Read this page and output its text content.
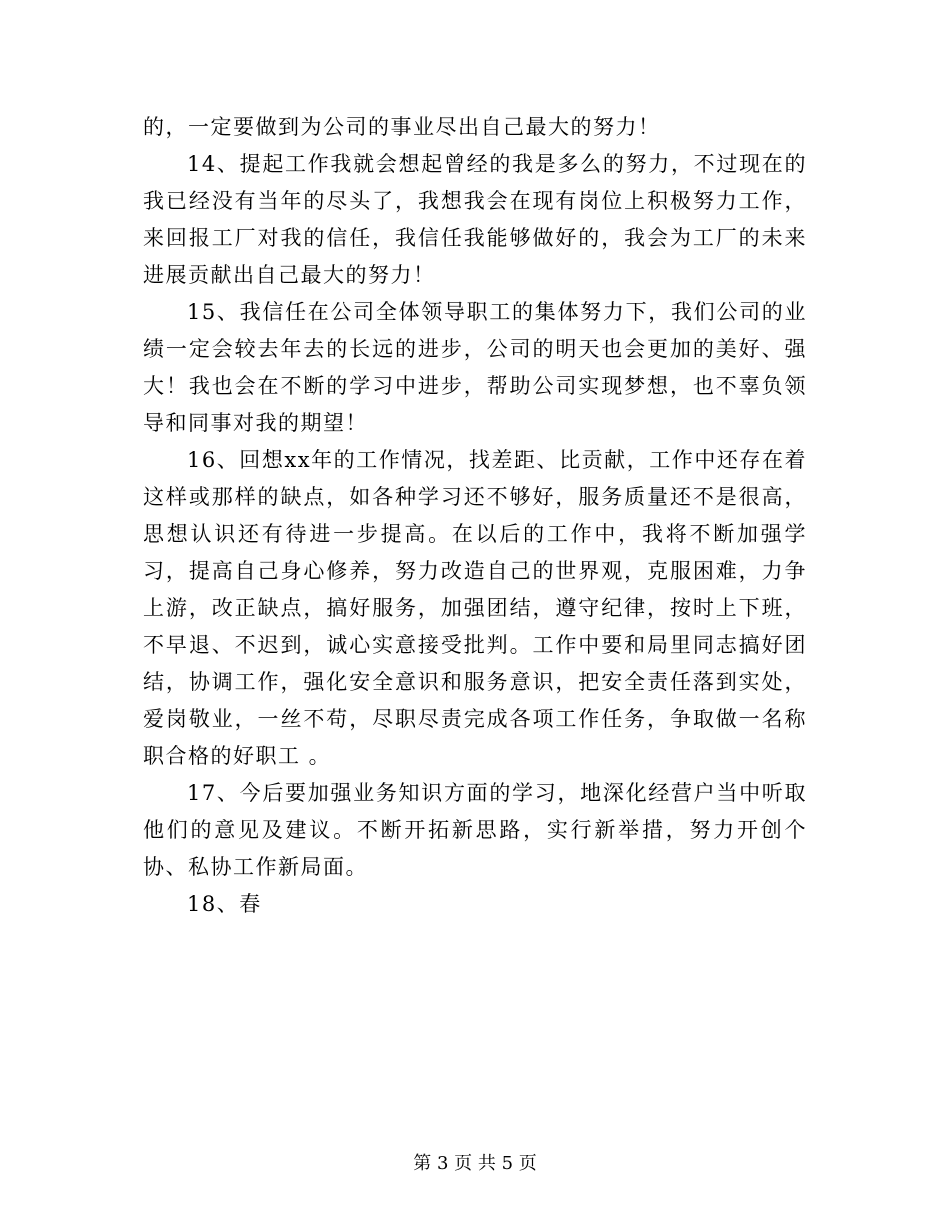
的，一定要做到为公司的事业尽出自己最大的努力！

14、提起工作我就会想起曾经的我是多么的努力，不过现在的我已经没有当年的尽头了，我想我会在现有岗位上积极努力工作，来回报工厂对我的信任，我信任我能够做好的，我会为工厂的未来进展贡献出自己最大的努力！

15、我信任在公司全体领导职工的集体努力下，我们公司的业绩一定会较去年去的长远的进步，公司的明天也会更加的美好、强大！我也会在不断的学习中进步，帮助公司实现梦想，也不辜负领导和同事对我的期望！

16、回想xx年的工作情况，找差距、比贡献，工作中还存在着这样或那样的缺点，如各种学习还不够好，服务质量还不是很高，思想认识还有待进一步提高。在以后的工作中，我将不断加强学习，提高自己身心修养，努力改造自己的世界观，克服困难，力争上游，改正缺点，搞好服务，加强团结，遵守纪律，按时上下班，不早退、不迟到，诚心实意接受批判。工作中要和局里同志搞好团结，协调工作，强化安全意识和服务意识，把安全责任落到实处，爱岗敬业，一丝不苟，尽职尽责完成各项工作任务，争取做一名称职合格的好职工 。

17、今后要加强业务知识方面的学习，地深化经营户当中听取他们的意见及建议。不断开拓新思路，实行新举措，努力开创个协、私协工作新局面。

18、春

第 3 页 共 5 页
